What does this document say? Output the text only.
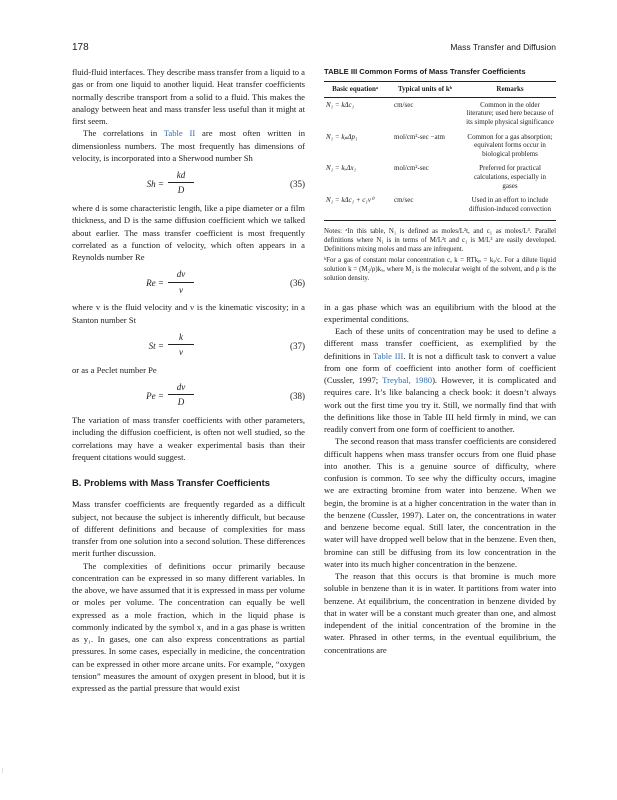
178	Mass Transfer and Diffusion

fluid-fluid interfaces. They describe mass transfer from a liquid to a gas or from one liquid to another liquid. Heat transfer coefficients normally describe transport from a solid to a fluid. This makes the analogy between heat and mass transfer less useful than it might at first seem.

The correlations in Table II are most often written in dimensionless numbers. The most frequently has dimensions of velocity, is incorporated into a Sherwood number Sh

$Sh = \frac{kd}{D}$	(35)

where d is some characteristic length, like a pipe diameter or a film thickness, and D is the same diffusion coefficient which we talked about earlier. The mass transfer coefficient is most frequently correlated as a function of velocity, which often appears in a Reynolds number Re

$Re = \frac{dv}{\nu}$	(36)

where v is the fluid velocity and ν is the kinematic viscosity; in a Stanton number St

$St = \frac{k}{v}$	(37)

or as a Peclet number Pe

$Pe = \frac{dv}{D}$	(38)

The variation of mass transfer coefficients with other parameters, including the diffusion coefficient, is often not well studied, so the correlations may have a weaker experimental basis than their frequent citations would suggest.

B. Problems with Mass Transfer Coefficients

Mass transfer coefficients are frequently regarded as a difficult subject, not because the subject is inherently difficult, but because of different definitions and because of complexities for mass transfer from one solution into a second solution. These differences merit further discussion.

The complexities of definitions occur primarily because concentration can be expressed in so many different variables. In the above, we have assumed that it is expressed in mass per volume or moles per volume. The concentration can equally be well expressed as a mole fraction, which in the liquid phase is commonly indicated by the symbol x₁ and in a gas phase is written as y₁. In gases, one can also express concentrations as partial pressures. In some cases, especially in medicine, the concentration can be expressed in other more arcane units. For example, “oxygen tension” measures the amount of oxygen present in blood, but it is expressed as the partial pressure that would exist

TABLE III Common Forms of Mass Transfer Coefficients
Basic equationᵃ	Typical units of kᵇ	Remarks
N₁ = kΔc₁	cm/sec	Common in the older literature; used here because of its simple physical significance
N₁ = kₚΔp₁	mol/cm²-sec −atm	Common for a gas absorption; equivalent forms occur in biological problems
N₁ = kₓΔx₁	mol/cm²-sec	Preferred for practical calculations, especially in gases
N₁ = kΔc₁ + c₁v⁰	cm/sec	Used in an effort to include diffusion-induced convection

Notes: ᵃIn this table, N₁ is defined as moles/L²t, and c₁ as moles/L³. Parallel definitions where N₁ is in terms of M/L²t and c₁ is M/L³ are easily developed. Definitions mixing moles and mass are infrequent.

ᵇFor a gas of constant molar concentration c, k = RTkₚ = kₓ/c. For a dilute liquid solution k = (M₂/ρ)kₓ, where M₂ is the molecular weight of the solvent, and ρ is the solution density.

in a gas phase which was an equilibrium with the blood at the experimental conditions.

Each of these units of concentration may be used to define a different mass transfer coefficient, as exemplified by the definitions in Table III. It is not a difficult task to convert a value from one form of coefficient into another form of coefficient (Cussler, 1997; Treybal, 1980). However, it is complicated and requires care. It’s like balancing a check book: it doesn’t always work out the first time you try it. Still, we normally find that with the definitions like those in Table III held firmly in mind, we can readily convert from one form of coefficient to another.

The second reason that mass transfer coefficients are considered difficult happens when mass transfer occurs from one fluid phase into another. This is a genuine source of difficulty, where confusion is common. To see why the difficulty occurs, imagine we are extracting bromine from water into benzene. When we begin, the bromine is at a higher concentration in the water than in the benzene (Cussler, 1997). Later on, the concentrations in water and benzene become equal. Still later, the concentration in the water will have dropped well below that in the benzene. Even then, bromine can still be diffusing from its low concentration in the water into its much higher concentration in the benzene.

The reason that this occurs is that bromine is much more soluble in benzene than it is in water. It partitions from water into benzene. At equilibrium, the concentration in benzene divided by that in water will be a constant much greater than one, and almost independent of the initial concentration of the bromine in the water. Phrased in other terms, in the eventual equilibrium, the concentrations are

|
